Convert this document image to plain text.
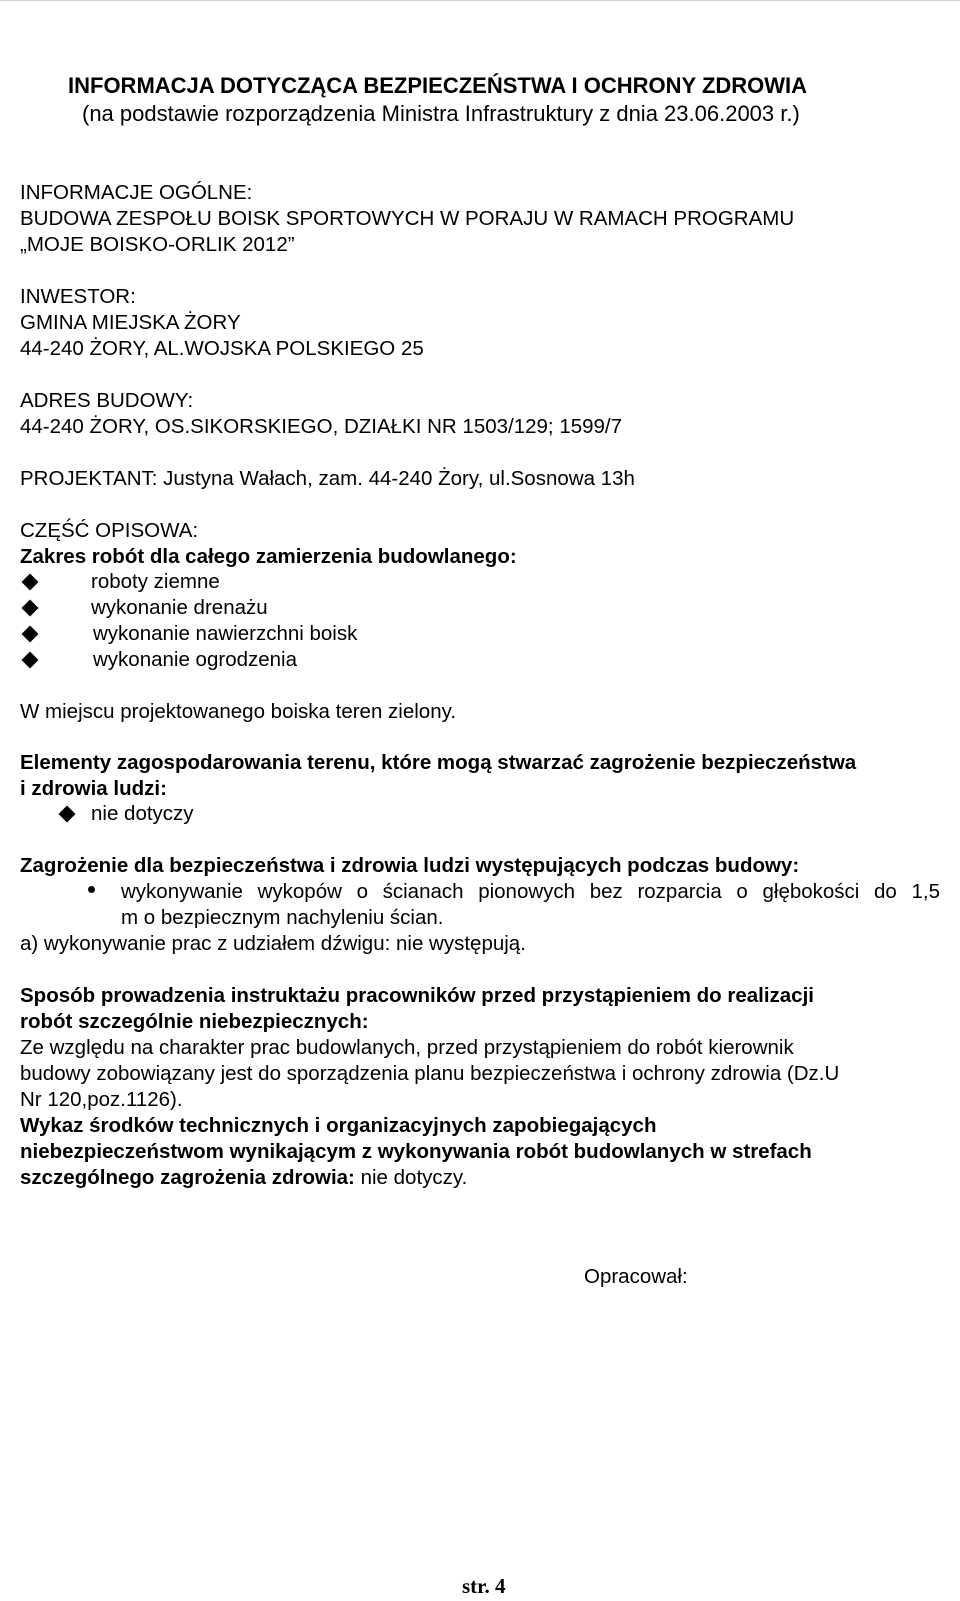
INFORMACJA DOTYCZĄCA BEZPIECZEŃSTWA I OCHRONY ZDROWIA
(na podstawie rozporządzenia Ministra Infrastruktury z dnia 23.06.2003 r.)
INFORMACJE OGÓLNE:
BUDOWA ZESPOŁU BOISK SPORTOWYCH W PORAJU W RAMACH PROGRAMU
„MOJE BOISKO-ORLIK 2012”
INWESTOR:
GMINA MIEJSKA ŻORY
44-240 ŻORY, AL.WOJSKA POLSKIEGO 25
ADRES BUDOWY:
44-240 ŻORY, OS.SIKORSKIEGO, DZIAŁKI NR 1503/129; 1599/7
PROJEKTANT: Justyna Wałach, zam. 44-240 Żory, ul.Sosnowa 13h
CZĘŚĆ OPISOWA:
Zakres robót dla całego zamierzenia budowlanego:
roboty ziemne
wykonanie drenażu
wykonanie nawierzchni boisk
wykonanie ogrodzenia
W miejscu projektowanego boiska teren zielony.
Elementy zagospodarowania terenu, które mogą stwarzać zagrożenie bezpieczeństwa
i zdrowia ludzi:
nie dotyczy
Zagrożenie dla bezpieczeństwa i zdrowia ludzi występujących podczas budowy:
wykonywanie wykopów o ścianach pionowych bez rozparcia o głębokości do 1,5
m o bezpiecznym nachyleniu ścian.
a) wykonywanie prac z udziałem dźwigu: nie występują.
Sposób prowadzenia instruktażu pracowników przed przystąpieniem do realizacji
robót szczególnie niebezpiecznych:
Ze względu na charakter prac budowlanych, przed przystąpieniem do robót kierownik
budowy zobowiązany jest do sporządzenia planu bezpieczeństwa i ochrony zdrowia (Dz.U
Nr 120,poz.1126).
Wykaz środków technicznych i organizacyjnych zapobiegających
niebezpieczeństwom wynikającym z wykonywania robót budowlanych w strefach
szczególnego zagrożenia zdrowia: nie dotyczy.
Opracował:
str. 4
